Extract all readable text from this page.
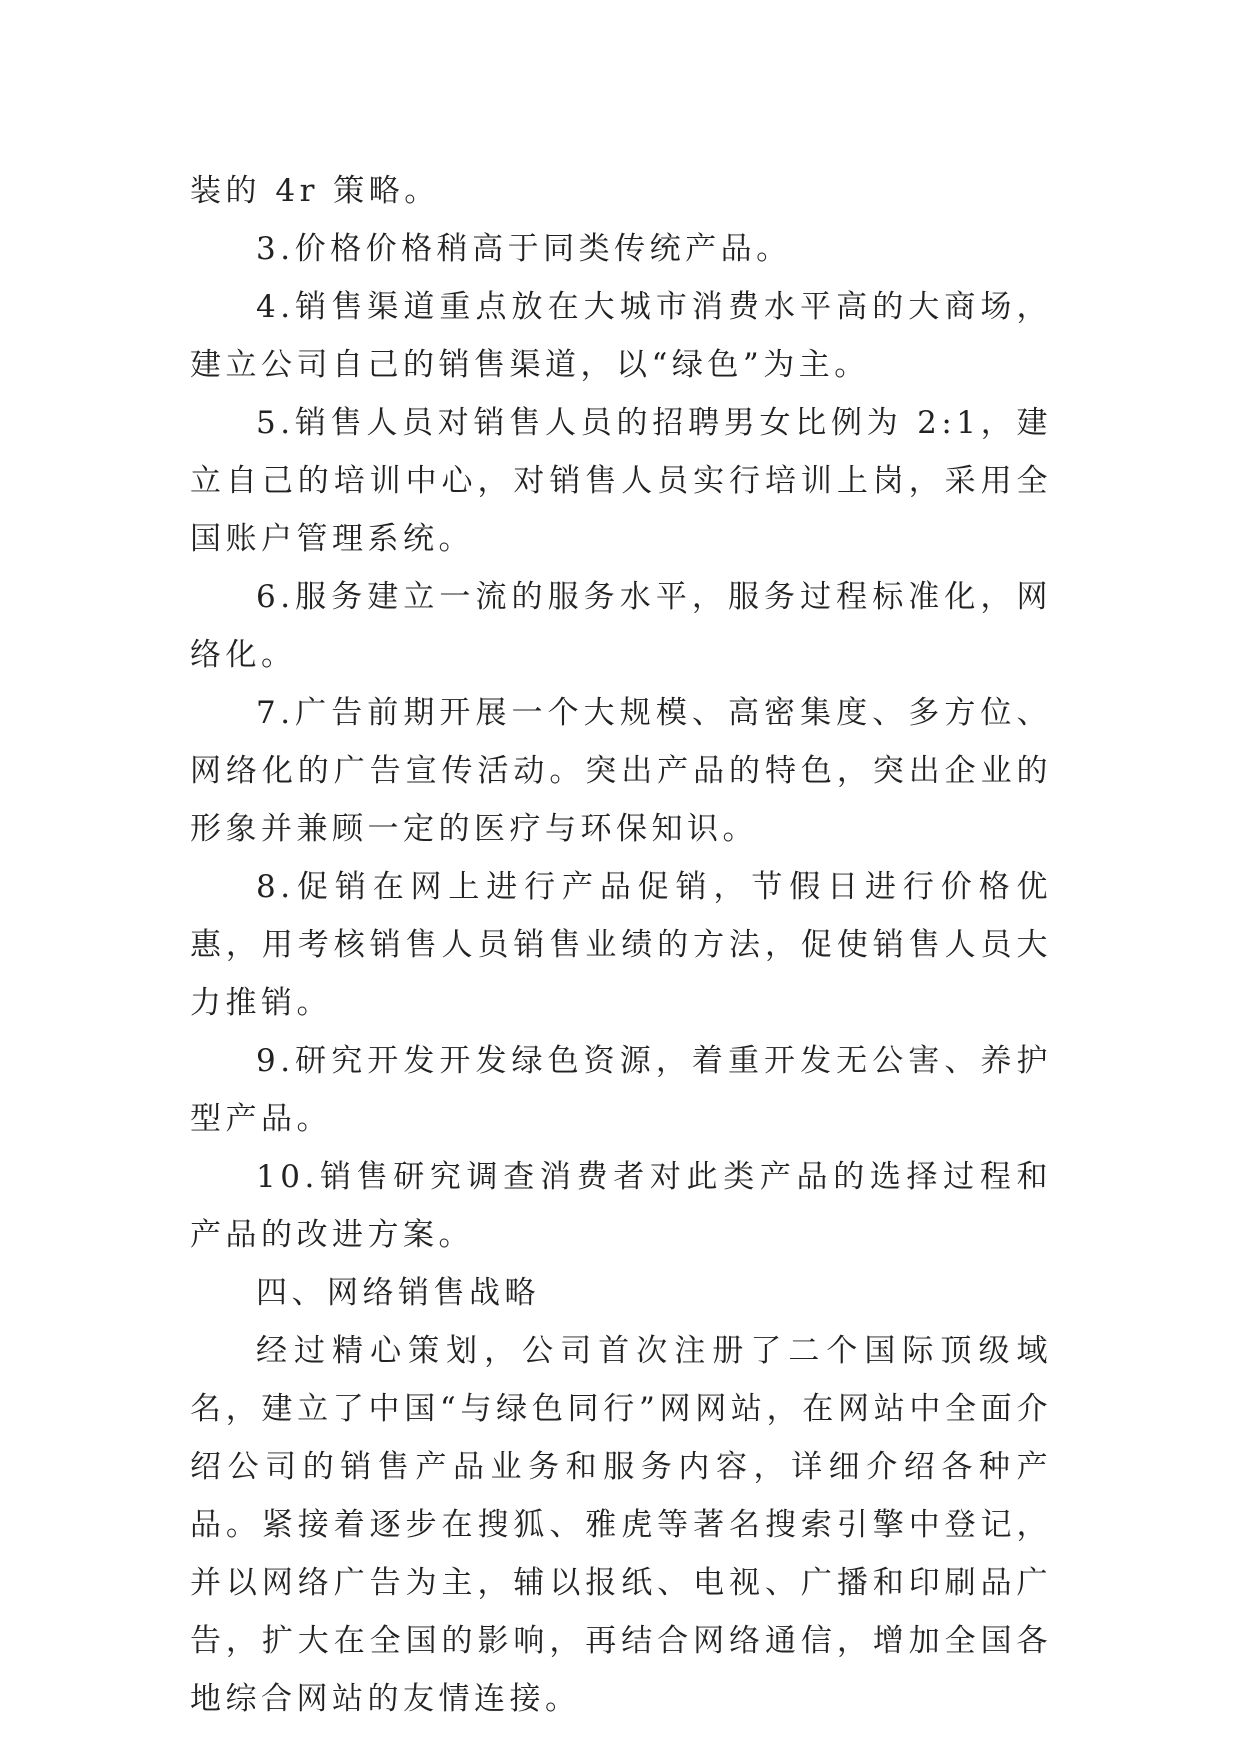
装的 4r 策略。

3.价格价格稍高于同类传统产品。

4.销售渠道重点放在大城市消费水平高的大商场，建立公司自己的销售渠道，以“绿色”为主。

5.销售人员对销售人员的招聘男女比例为 2:1，建立自己的培训中心，对销售人员实行培训上岗，采用全国账户管理系统。

6.服务建立一流的服务水平，服务过程标准化，网络化。

7.广告前期开展一个大规模、高密集度、多方位、网络化的广告宣传活动。突出产品的特色，突出企业的形象并兼顾一定的医疗与环保知识。

8.促销在网上进行产品促销，节假日进行价格优惠，用考核销售人员销售业绩的方法，促使销售人员大力推销。

9.研究开发开发绿色资源，着重开发无公害、养护型产品。

10.销售研究调查消费者对此类产品的选择过程和产品的改进方案。

四、网络销售战略

经过精心策划，公司首次注册了二个国际顶级域名，建立了中国“与绿色同行”网网站，在网站中全面介绍公司的销售产品业务和服务内容，详细介绍各种产品。紧接着逐步在搜狐、雅虎等著名搜索引擎中登记，并以网络广告为主，辅以报纸、电视、广播和印刷品广告，扩大在全国的影响，再结合网络通信，增加全国各地综合网站的友情连接。
